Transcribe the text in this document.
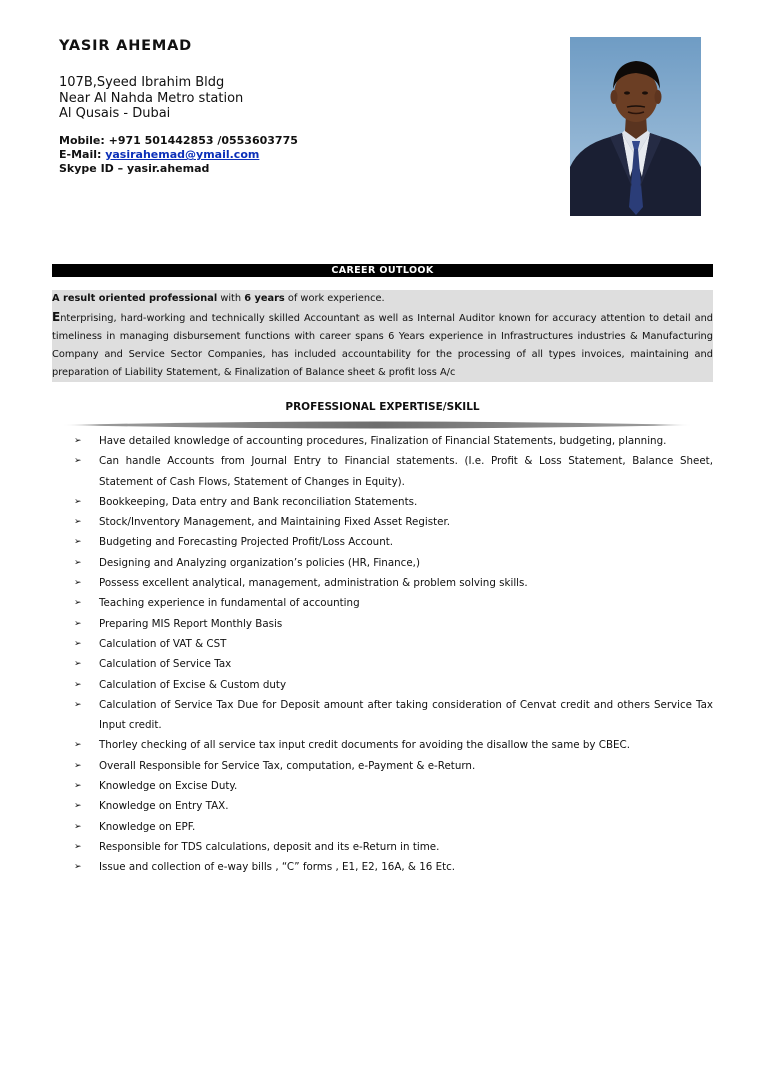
YASIR AHEMAD
107B,Syeed Ibrahim Bldg
Near Al Nahda Metro station
Al Qusais - Dubai
Mobile: +971 501442853 /0553603775
E-Mail: yasirahemad@ymail.com
Skype ID – yasir.ahemad
CAREER OUTLOOK
A result oriented professional with 6 years of work experience.
Enterprising, hard-working and technically skilled Accountant as well as Internal Auditor known for accuracy attention to detail and timeliness in managing disbursement functions with career spans 6 Years experience in Infrastructures industries & Manufacturing Company and Service Sector Companies, has included accountability for the processing of all types invoices, maintaining and preparation of Liability Statement, & Finalization of Balance sheet & profit loss A/c
PROFESSIONAL EXPERTISE/SKILL
➢ Have detailed knowledge of accounting procedures, Finalization of Financial Statements, budgeting, planning.
➢ Can handle Accounts from Journal Entry to Financial statements. (I.e. Profit & Loss Statement, Balance Sheet, Statement of Cash Flows, Statement of Changes in Equity).
➢ Bookkeeping, Data entry and Bank reconciliation Statements.
➢ Stock/Inventory Management, and Maintaining Fixed Asset Register.
➢ Budgeting and Forecasting Projected Profit/Loss Account.
➢ Designing and Analyzing organization’s policies (HR, Finance,)
➢ Possess excellent analytical, management, administration & problem solving skills.
➢ Teaching experience in fundamental of accounting
➢ Preparing MIS Report Monthly Basis
➢ Calculation of VAT & CST
➢ Calculation of Service Tax
➢ Calculation of Excise & Custom duty
➢ Calculation of Service Tax Due for Deposit amount after taking consideration of Cenvat credit and others Service Tax Input credit.
➢ Thorley checking of all service tax input credit documents for avoiding the disallow the same by CBEC.
➢ Overall Responsible for Service Tax, computation, e-Payment & e-Return.
➢ Knowledge on Excise Duty.
➢ Knowledge on Entry TAX.
➢ Knowledge on EPF.
➢ Responsible for TDS calculations, deposit and its e-Return in time.
➢ Issue and collection of e-way bills , “C” forms , E1, E2, 16A, & 16 Etc.
